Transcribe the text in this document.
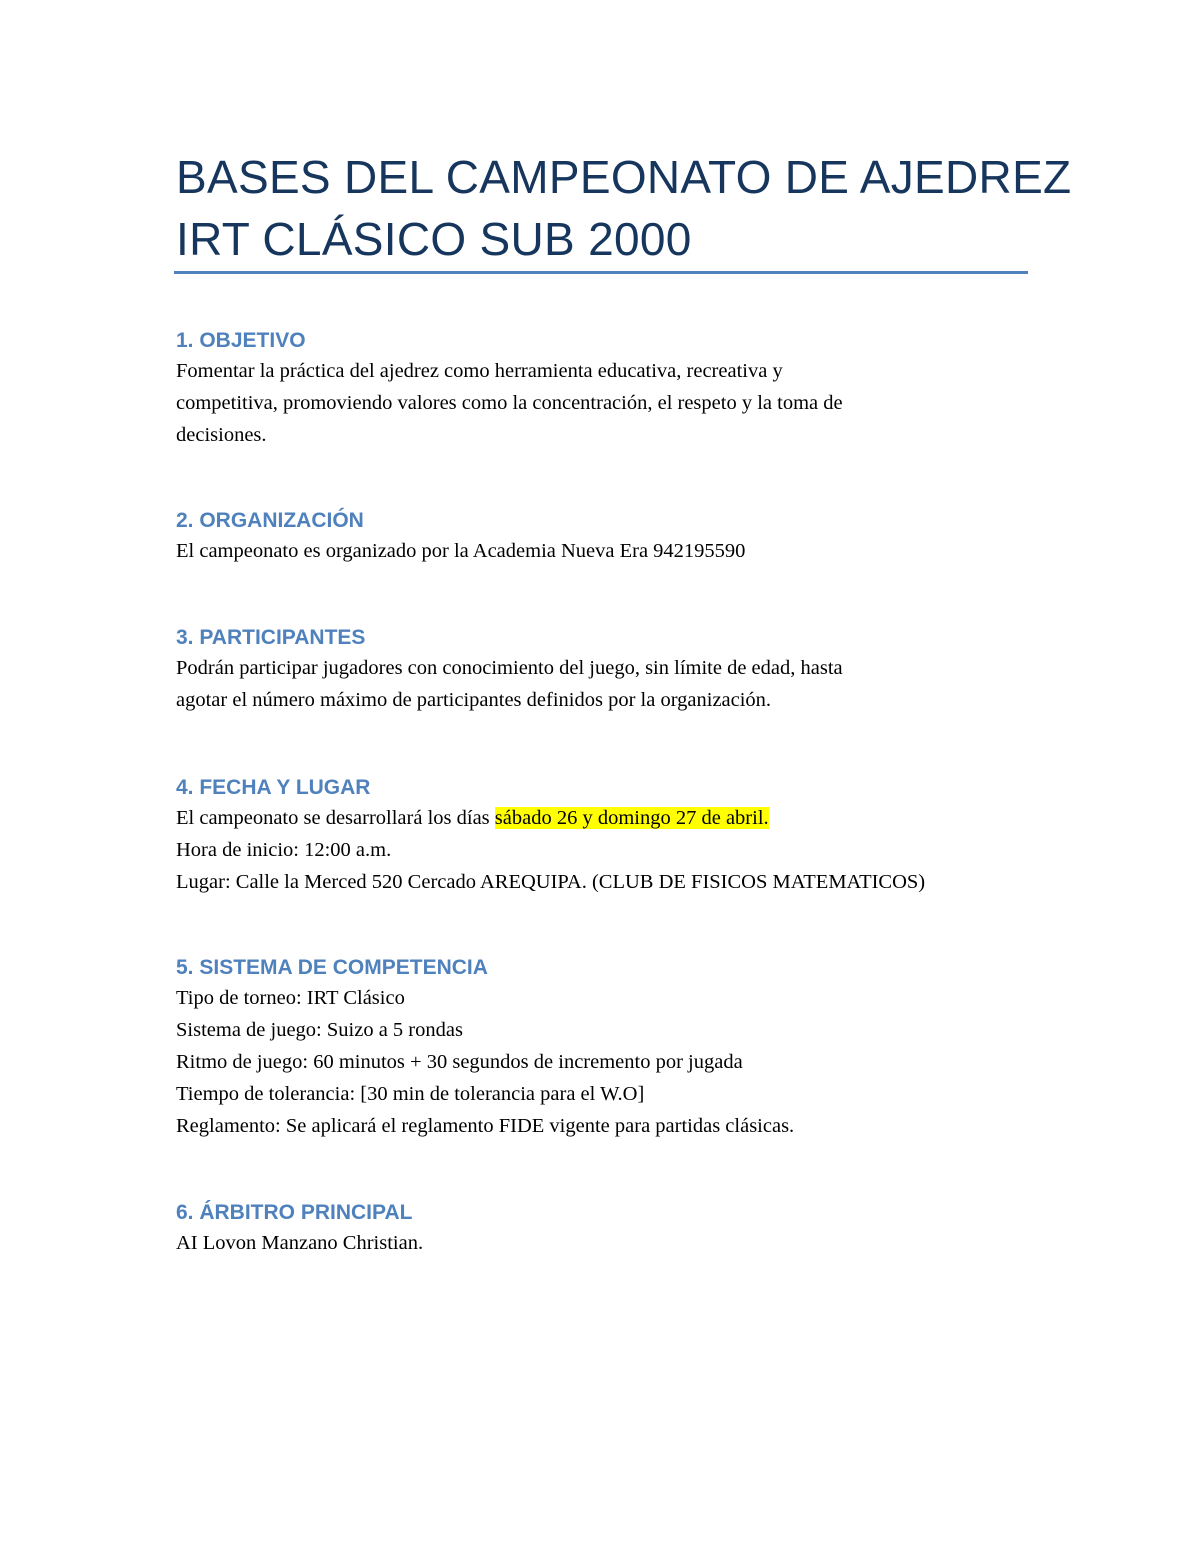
BASES DEL CAMPEONATO DE AJEDREZ
IRT CLÁSICO SUB 2000
1. OBJETIVO
Fomentar la práctica del ajedrez como herramienta educativa, recreativa y
competitiva, promoviendo valores como la concentración, el respeto y la toma de
decisiones.
2. ORGANIZACIÓN
El campeonato es organizado por la Academia Nueva Era 942195590
3. PARTICIPANTES
Podrán participar jugadores con conocimiento del juego, sin límite de edad, hasta
agotar el número máximo de participantes definidos por la organización.
4. FECHA Y LUGAR
El campeonato se desarrollará los días sábado 26 y domingo 27 de abril.
Hora de inicio: 12:00 a.m.
Lugar: Calle la Merced 520 Cercado AREQUIPA. (CLUB DE FISICOS MATEMATICOS)
5. SISTEMA DE COMPETENCIA
Tipo de torneo: IRT Clásico
Sistema de juego: Suizo a 5 rondas
Ritmo de juego: 60 minutos + 30 segundos de incremento por jugada
Tiempo de tolerancia: [30 min de tolerancia para el W.O]
Reglamento: Se aplicará el reglamento FIDE vigente para partidas clásicas.
6. ÁRBITRO PRINCIPAL
AI Lovon Manzano Christian.
